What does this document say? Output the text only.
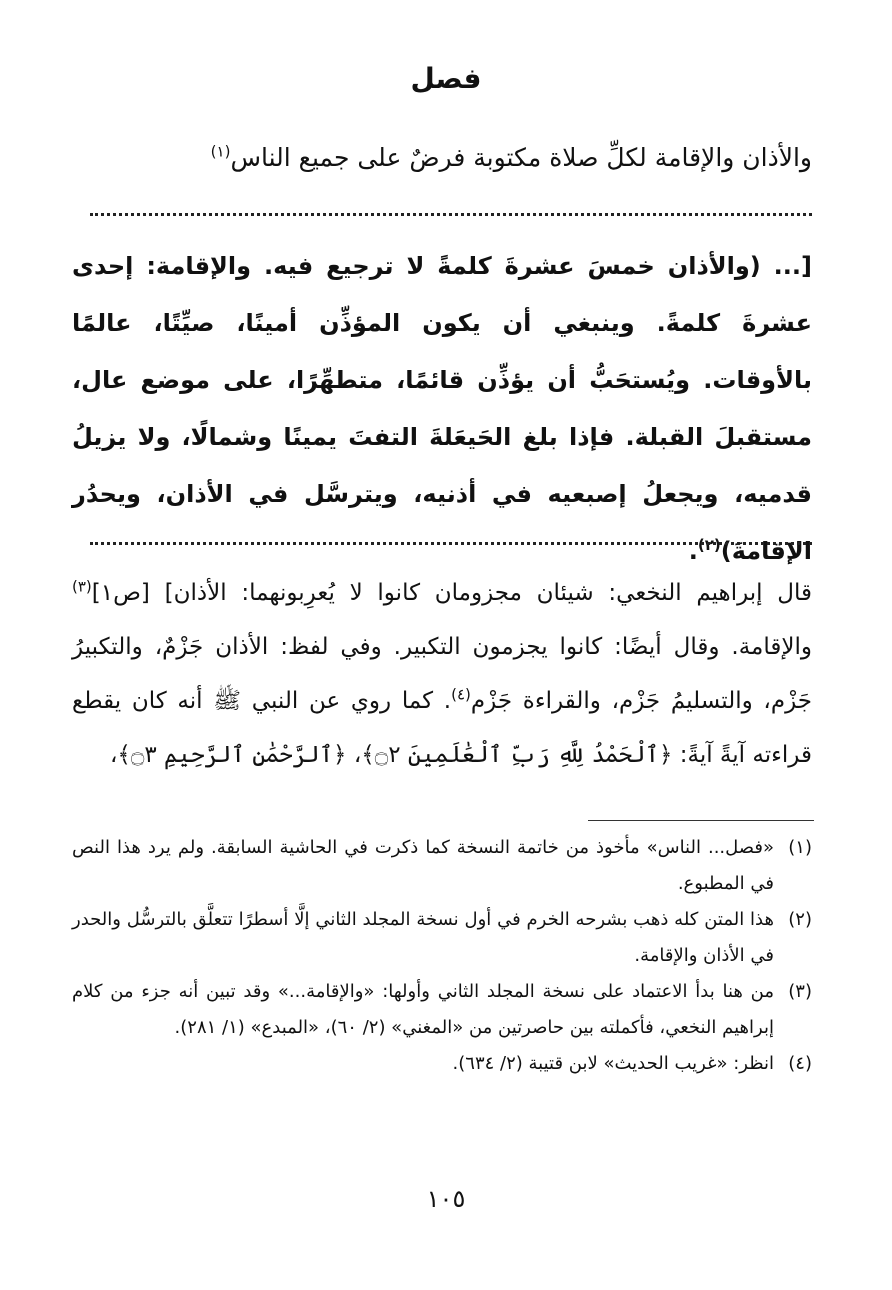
فصل

والأذان والإقامة لكلِّ صلاة مكتوبة فرضٌ على جميع الناس$^{(١)}$

[... (والأذان خمسَ عشرةَ كلمةً لا ترجيع فيه. والإقامة: إحدى عشرةَ كلمةً. وينبغي أن يكون المؤذِّن أمينًا، صيِّتًا، عالمًا بالأوقات. ويُستحَبُّ أن يؤذِّن قائمًا، متطهِّرًا، على موضع عال، مستقبلَ القبلة. فإذا بلغ الحَيعَلةَ التفتَ يمينًا وشمالًا، ولا يزيلُ قدميه، ويجعلُ إصبعيه في أذنيه، ويترسَّل في الأذان، ويحدُر الإقامةَ)$^{(٢)}$.

قال إبراهيم النخعي: شيئان مجزومان كانوا لا يُعرِبونهما: الأذان] [ص١]$^{(٣)}$ والإقامة. وقال أيضًا: كانوا يجزمون التكبير. وفي لفظ: الأذان جَزْمٌ، والتكبيرُ جَزْم، والتسليمُ جَزْم، والقراءة جَزْم$^{(٤)}$. كما روي عن النبي ﷺ أنه كان يقطع قراءته آيةً آيةً: ﴿ٱلْحَمْدُ لِلَّهِ رَبِّ ٱلْعَٰلَمِينَ ۝٢﴾، ﴿ٱلرَّحْمَٰنِ ٱلرَّحِيمِ ۝٣﴾،

(١)
«فصل... الناس» مأخوذ من خاتمة النسخة كما ذكرت في الحاشية السابقة. ولم يرد هذا النص في المطبوع.
(٢)
هذا المتن كله ذهب بشرحه الخرم في أول نسخة المجلد الثاني إلَّا أسطرًا تتعلَّق بالترسُّل والحدر في الأذان والإقامة.
(٣)
من هنا بدأ الاعتماد على نسخة المجلد الثاني وأولها: «والإقامة...» وقد تبين أنه جزء من كلام إبراهيم النخعي، فأكملته بين حاصرتين من «المغني» (٢/ ٦٠)، «المبدع» (١/ ٢٨١).
(٤)
انظر: «غريب الحديث» لابن قتيبة (٢/ ٦٣٤).
١٠٥
